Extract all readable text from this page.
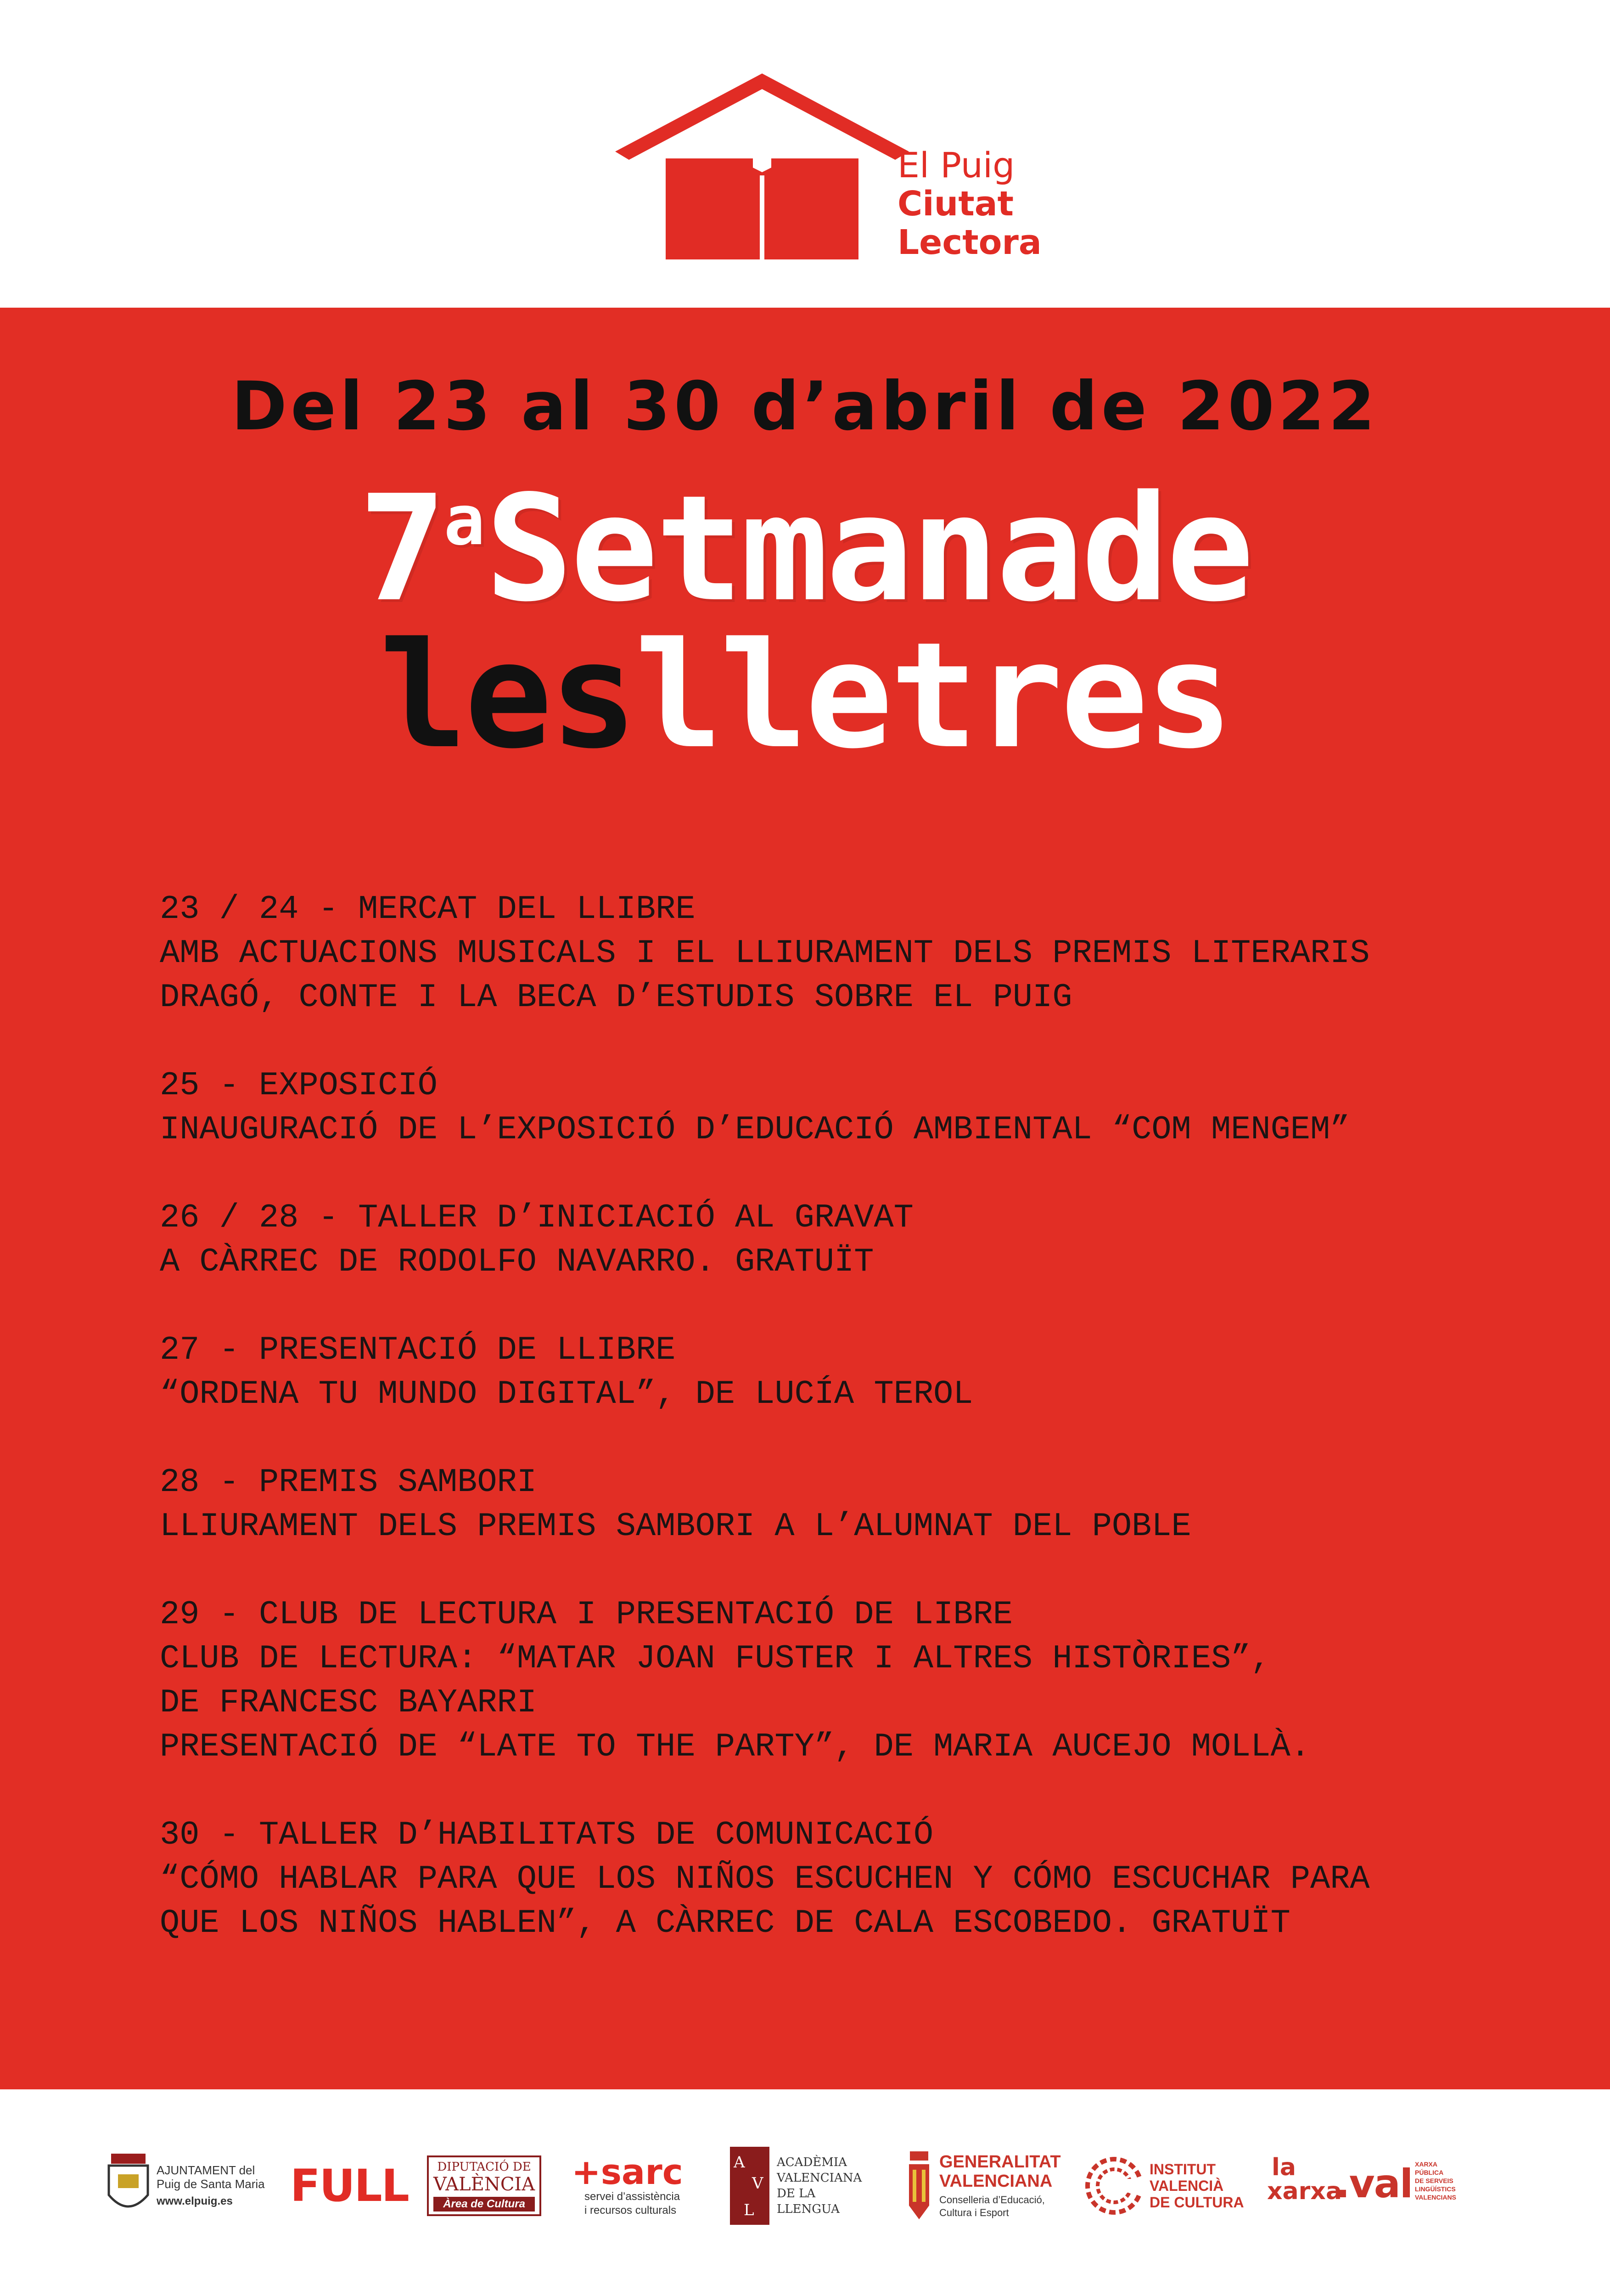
El Puig
Ciutat
Lectora
Del 23 al 30 d’abril de 2022
7$^a$Setmanade
leslletres

23 / 24 - MERCAT DEL LLIBRE

AMB ACTUACIONS MUSICALS I EL LLIURAMENT DELS PREMIS LITERARIS

DRAGÓ, CONTE I LA BECA D’ESTUDIS SOBRE EL PUIG

25 - EXPOSICIÓ

INAUGURACIÓ DE L’EXPOSICIÓ D’EDUCACIÓ AMBIENTAL “COM MENGEM”

26 / 28 - TALLER D’INICIACIÓ AL GRAVAT

A CÀRREC DE RODOLFO NAVARRO. GRATUÏT

27 - PRESENTACIÓ DE LLIBRE

“ORDENA TU MUNDO DIGITAL”, DE LUCÍA TEROL

28 - PREMIS SAMBORI

LLIURAMENT DELS PREMIS SAMBORI A L’ALUMNAT DEL POBLE

29 - CLUB DE LECTURA I PRESENTACIÓ DE LIBRE

CLUB DE LECTURA: “MATAR JOAN FUSTER I ALTRES HISTÒRIES”,

DE FRANCESC BAYARRI

PRESENTACIÓ DE “LATE TO THE PARTY”, DE MARIA AUCEJO MOLLÀ.

30 - TALLER D’HABILITATS DE COMUNICACIÓ

“CÓMO HABLAR PARA QUE LOS NIÑOS ESCUCHEN Y CÓMO ESCUCHAR PARA

QUE LOS NIÑOS HABLEN”, A CÀRREC DE CALA ESCOBEDO. GRATUÏT

AJUNTAMENT del
Puig de Santa Maria
www.elpuig.es	FULL	DIPUTACIÓ DE
VALÈNCIA
Àrea de Cultura
+sarc
servei d’assistència
i recursos culturals
A
V
L
ACADÈMIA
VALENCIANA
DE LA
LLENGUA
GENERALITAT
VALENCIANA
Conselleria d’Educació,
Cultura i Esport
INSTITUT
VALENCIÀ
DE CULTURA
la
xarxa
.val XARXA
PÚBLICA
DE SERVEIS
LINGÜÍSTICS
VALENCIANS
